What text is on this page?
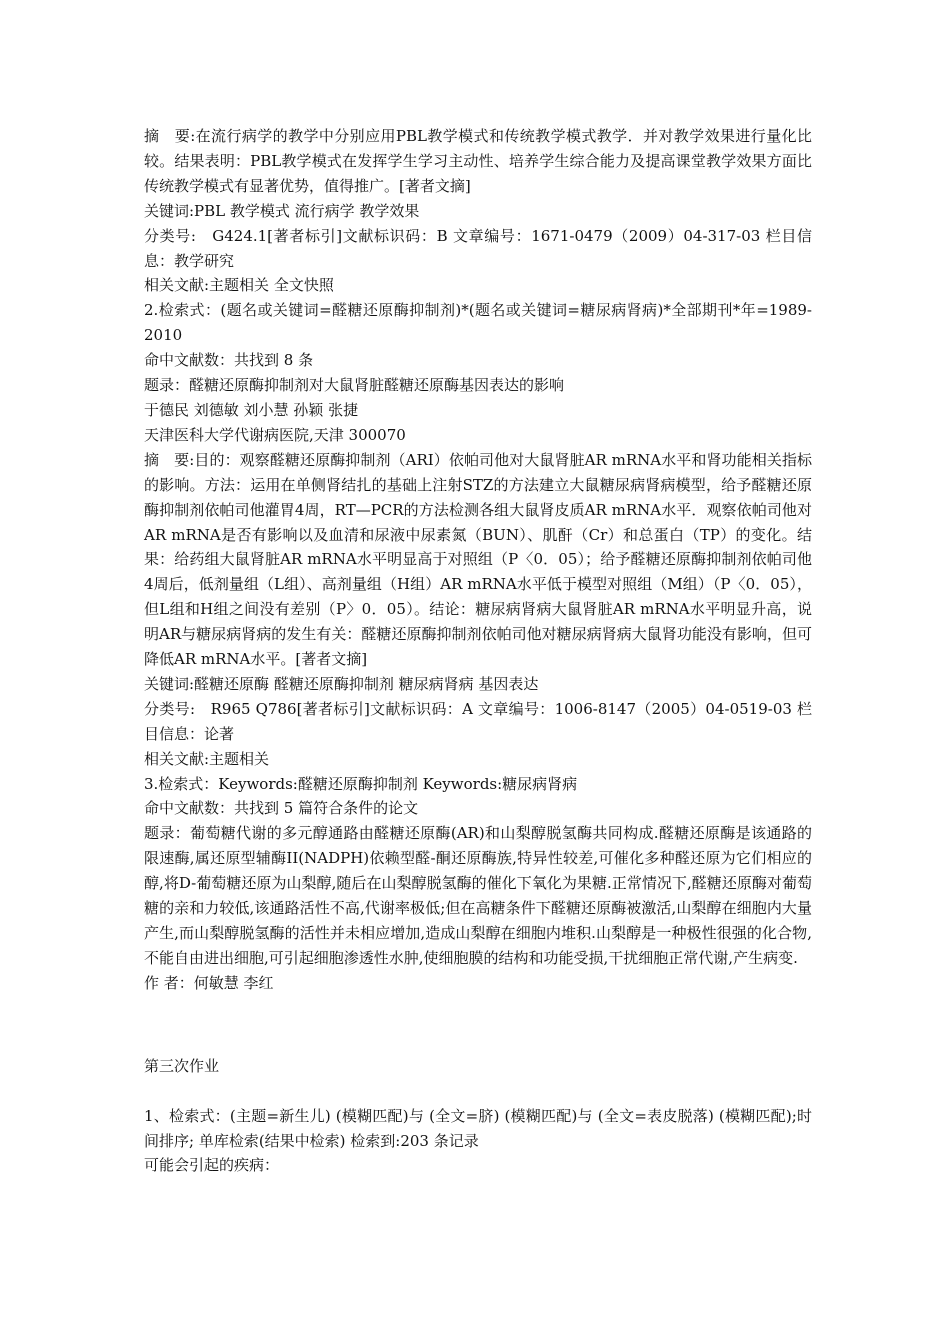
摘　要:在流行病学的教学中分别应用PBL教学模式和传统教学模式教学．并对教学效果进行量化比较。结果表明：PBL教学模式在发挥学生学习主动性、培养学生综合能力及提高课堂教学效果方面比传统教学模式有显著优势，值得推广。[著者文摘]

关键词:PBL 教学模式 流行病学 教学效果

分类号:　G424.1[著者标引]文献标识码：B 文章编号：1671-0479（2009）04-317-03 栏目信息：教学研究

相关文献:主题相关 全文快照

2.检索式：(题名或关键词=醛糖还原酶抑制剂)*(题名或关键词=糖尿病肾病)*全部期刊*年=1989-2010

命中文献数：共找到 8 条

题录：醛糖还原酶抑制剂对大鼠肾脏醛糖还原酶基因表达的影响

于德民 刘德敏 刘小慧 孙颖 张捷

天津医科大学代谢病医院,天津 300070

摘　要:目的：观察醛糖还原酶抑制剂（ARI）依帕司他对大鼠肾脏AR mRNA水平和肾功能相关指标的影响。方法：运用在单侧肾结扎的基础上注射STZ的方法建立大鼠糖尿病肾病模型，给予醛糖还原酶抑制剂依帕司他灌胃4周，RT—PCR的方法检测各组大鼠肾皮质AR mRNA水平．观察依帕司他对AR mRNA是否有影响以及血清和尿液中尿素氮（BUN）、肌酐（Cr）和总蛋白（TP）的变化。结果：给药组大鼠肾脏AR mRNA水平明显高于对照组（P〈0．05）；给予醛糖还原酶抑制剂依帕司他4周后，低剂量组（L组）、高剂量组（H组）AR mRNA水平低于模型对照组（M组）（P〈0．05），但L组和H组之间没有差别（P〉0．05）。结论：糖尿病肾病大鼠肾脏AR mRNA水平明显升高，说明AR与糖尿病肾病的发生有关：醛糖还原酶抑制剂依帕司他对糖尿病肾病大鼠肾功能没有影响，但可降低AR mRNA水平。[著者文摘]

关键词:醛糖还原酶 醛糖还原酶抑制剂 糖尿病肾病 基因表达

分类号:　R965 Q786[著者标引]文献标识码：A 文章编号：1006-8147（2005）04-0519-03 栏目信息：论著

相关文献:主题相关

3.检索式：Keywords:醛糖还原酶抑制剂 Keywords:糖尿病肾病

命中文献数：共找到 5 篇符合条件的论文

题录：葡萄糖代谢的多元醇通路由醛糖还原酶(AR)和山梨醇脱氢酶共同构成.醛糖还原酶是该通路的限速酶,属还原型辅酶II(NADPH)依赖型醛-酮还原酶族,特异性较差,可催化多种醛还原为它们相应的醇,将D-葡萄糖还原为山梨醇,随后在山梨醇脱氢酶的催化下氧化为果糖.正常情况下,醛糖还原酶对葡萄糖的亲和力较低,该通路活性不高,代谢率极低;但在高糖条件下醛糖还原酶被激活,山梨醇在细胞内大量产生,而山梨醇脱氢酶的活性并未相应增加,造成山梨醇在细胞内堆积.山梨醇是一种极性很强的化合物,不能自由进出细胞,可引起细胞渗透性水肿,使细胞膜的结构和功能受损,干扰细胞正常代谢,产生病变.

作 者：何敏慧 李红

第三次作业

1、检索式：(主题=新生儿) (模糊匹配)与 (全文=脐) (模糊匹配)与 (全文=表皮脱落) (模糊匹配);时间排序; 单库检索(结果中检索) 检索到:203 条记录

可能会引起的疾病：
